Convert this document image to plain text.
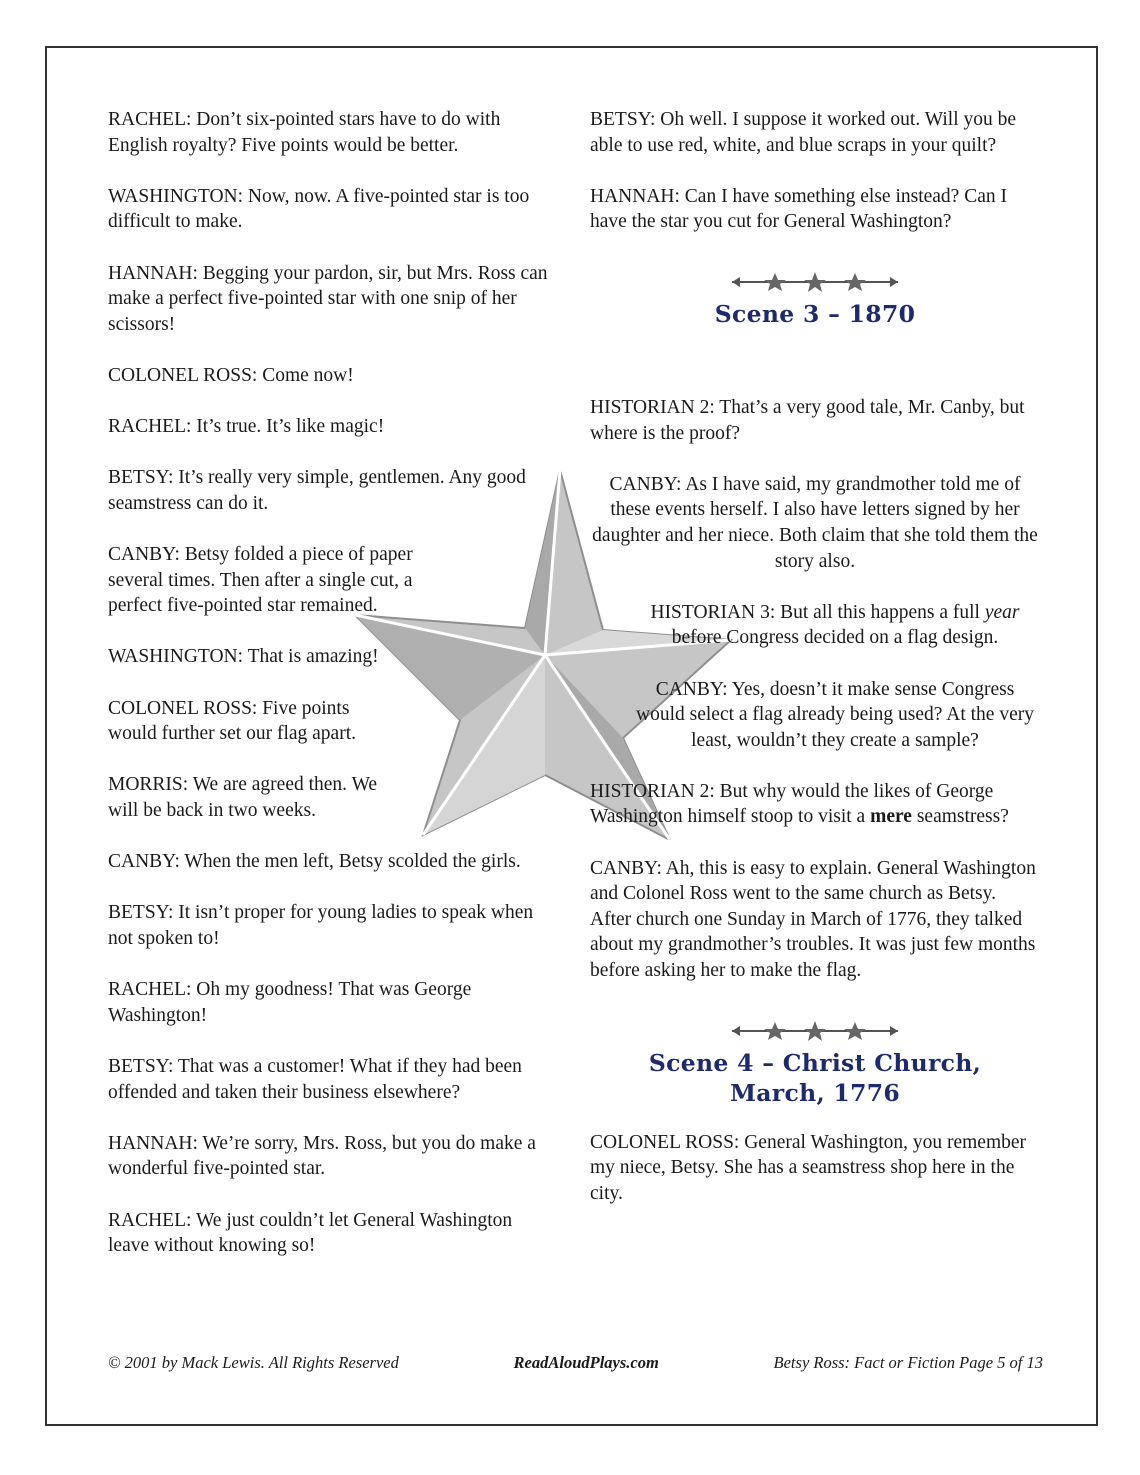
RACHEL: Don’t six-pointed stars have to do with English royalty? Five points would be better.

WASHINGTON: Now, now. A five-pointed star is too difficult to make.

HANNAH: Begging your pardon, sir, but Mrs. Ross can make a perfect five-pointed star with one snip of her scissors!

COLONEL ROSS: Come now!

RACHEL: It’s true. It’s like magic!

BETSY: It’s really very simple, gentlemen. Any good seamstress can do it.

CANBY: Betsy folded a piece of paper several times. Then after a single cut, a perfect five-pointed star remained.

WASHINGTON: That is amazing!

COLONEL ROSS: Five points would further set our flag apart.

MORRIS: We are agreed then. We will be back in two weeks.

CANBY: When the men left, Betsy scolded the girls.

BETSY: It isn’t proper for young ladies to speak when not spoken to!

RACHEL: Oh my goodness! That was George Washington!

BETSY: That was a customer! What if they had been offended and taken their business elsewhere?

HANNAH: We’re sorry, Mrs. Ross, but you do make a wonderful five-pointed star.

RACHEL: We just couldn’t let General Washington leave without knowing so!

BETSY: Oh well. I suppose it worked out. Will you be able to use red, white, and blue scraps in your quilt?

HANNAH: Can I have something else instead? Can I have the star you cut for General Washington?

Scene 3 – 1870

HISTORIAN 2: That’s a very good tale, Mr. Canby, but where is the proof?

CANBY: As I have said, my grandmother told me of these events herself. I also have letters signed by her daughter and her niece. Both claim that she told them the story also.

HISTORIAN 3: But all this happens a full year before Congress decided on a flag design.

CANBY: Yes, doesn’t it make sense Congress would select a flag already being used? At the very least, wouldn’t they create a sample?

HISTORIAN 2: But why would the likes of George Washington himself stoop to visit a mere seamstress?

CANBY: Ah, this is easy to explain. General Washington and Colonel Ross went to the same church as Betsy. After church one Sunday in March of 1776, they talked about my grandmother’s troubles. It was just few months before asking her to make the flag.

Scene 4 – Christ Church, March, 1776

COLONEL ROSS: General Washington, you remember my niece, Betsy. She has a seamstress shop here in the city.

© 2001 by Mack Lewis. All Rights Reserved	ReadAloudPlays.com	Betsy Ross: Fact or Fiction Page 5 of 13
